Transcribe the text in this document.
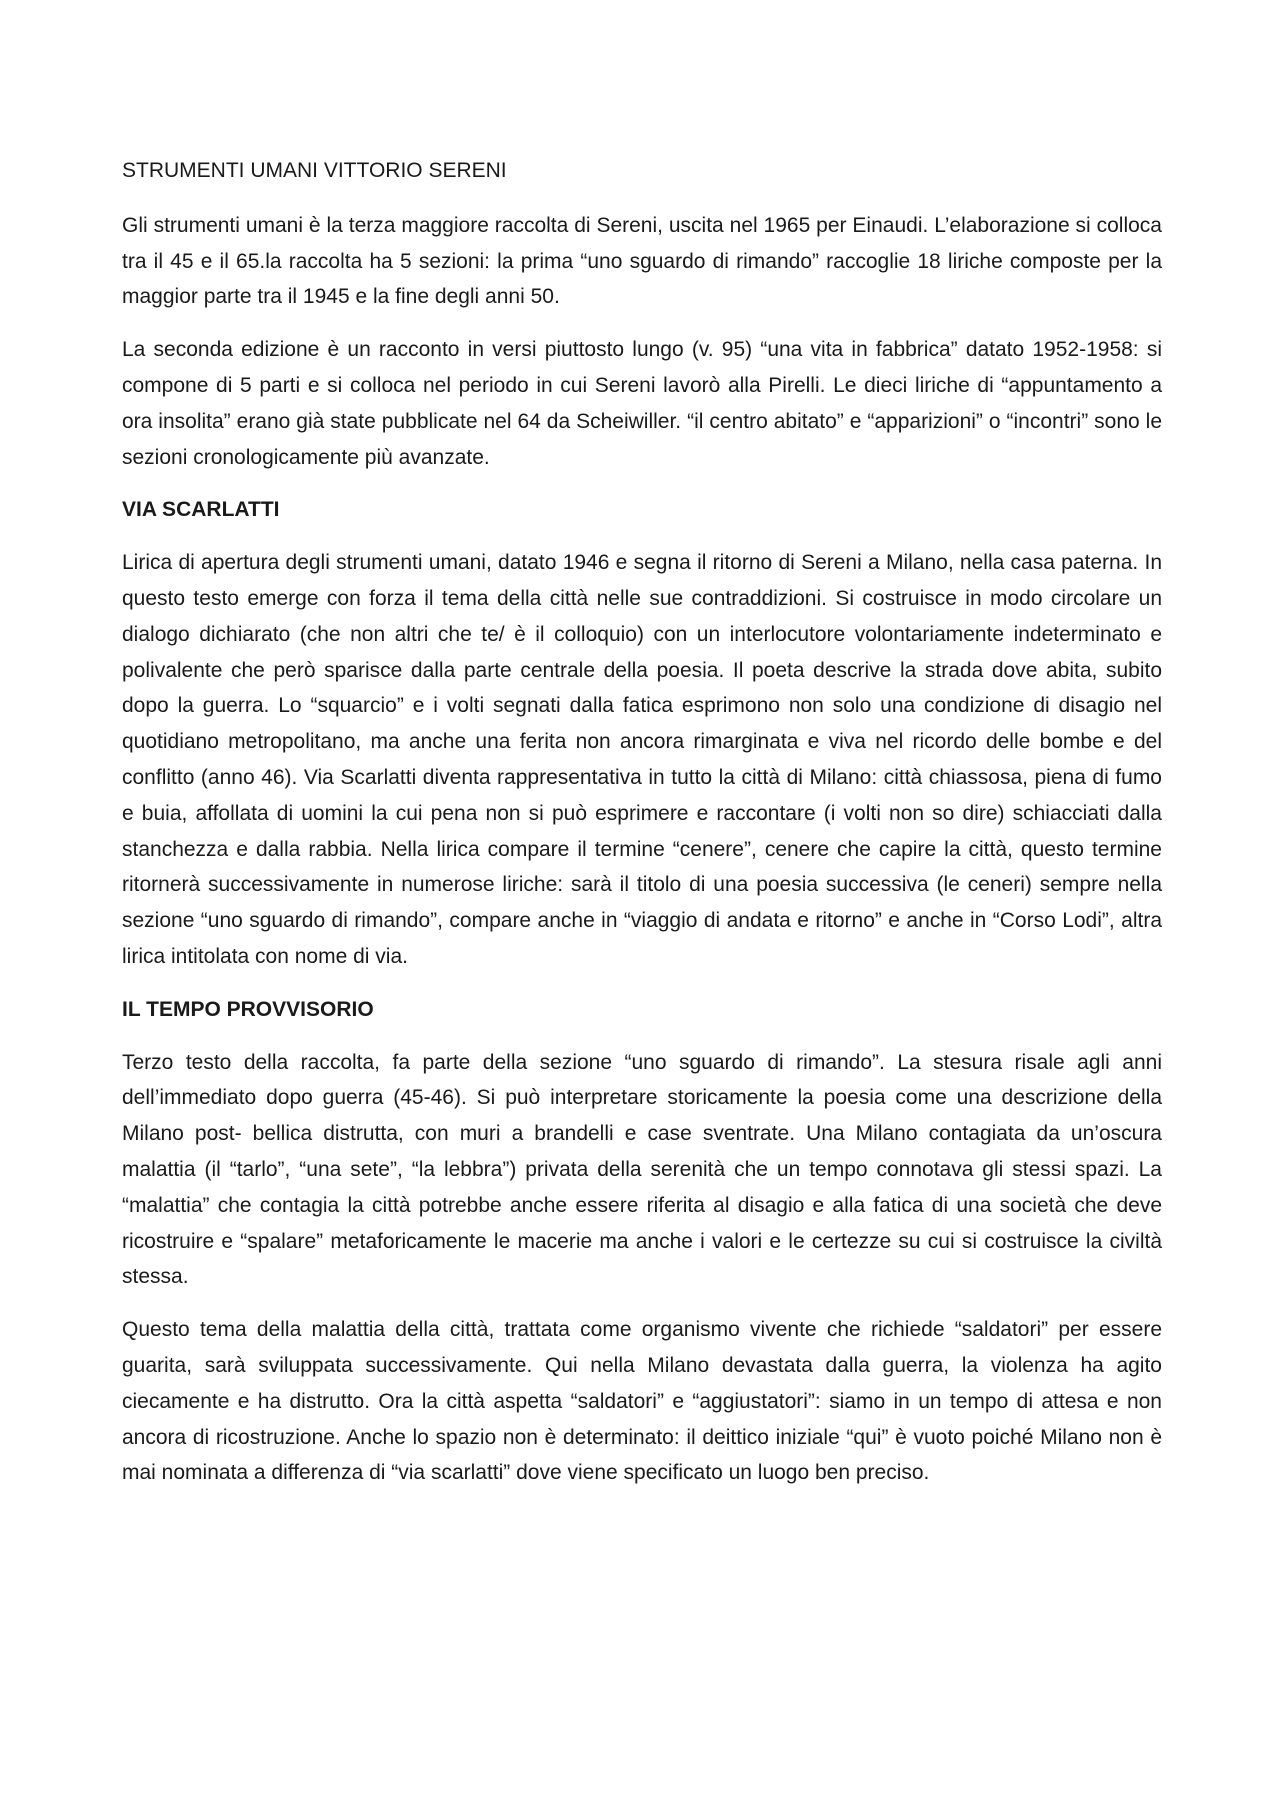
STRUMENTI UMANI VITTORIO SERENI

Gli strumenti umani è la terza maggiore raccolta di Sereni, uscita nel 1965 per Einaudi. L’elaborazione si colloca tra il 45 e il 65.la raccolta ha 5 sezioni: la prima “uno sguardo di rimando” raccoglie 18 liriche composte per la maggior parte tra il 1945 e la fine degli anni 50.

La seconda edizione è un racconto in versi piuttosto lungo (v. 95) “una vita in fabbrica” datato 1952-1958: si compone di 5 parti e si colloca nel periodo in cui Sereni lavorò alla Pirelli. Le dieci liriche di “appuntamento a ora insolita” erano già state pubblicate nel 64 da Scheiwiller. “il centro abitato” e “apparizioni” o “incontri” sono le sezioni cronologicamente più avanzate.

VIA SCARLATTI

Lirica di apertura degli strumenti umani, datato 1946 e segna il ritorno di Sereni a Milano, nella casa paterna. In questo testo emerge con forza il tema della città nelle sue contraddizioni. Si costruisce in modo circolare un dialogo dichiarato (che non altri che te/ è il colloquio) con un interlocutore volontariamente indeterminato e polivalente che però sparisce dalla parte centrale della poesia. Il poeta descrive la strada dove abita, subito dopo la guerra. Lo “squarcio” e i volti segnati dalla fatica esprimono non solo una condizione di disagio nel quotidiano metropolitano, ma anche una ferita non ancora rimarginata e viva nel ricordo delle bombe e del conflitto (anno 46). Via Scarlatti diventa rappresentativa in tutto la città di Milano: città chiassosa, piena di fumo e buia, affollata di uomini la cui pena non si può esprimere e raccontare (i volti non so dire) schiacciati dalla stanchezza e dalla rabbia. Nella lirica compare il termine “cenere”, cenere che capire la città, questo termine ritornerà successivamente in numerose liriche: sarà il titolo di una poesia successiva (le ceneri) sempre nella sezione “uno sguardo di rimando”, compare anche in “viaggio di andata e ritorno” e anche in “Corso Lodi”, altra lirica intitolata con nome di via.

IL TEMPO PROVVISORIO

Terzo testo della raccolta, fa parte della sezione “uno sguardo di rimando”. La stesura risale agli anni dell’immediato dopo guerra (45-46). Si può interpretare storicamente la poesia come una descrizione della Milano post- bellica distrutta, con muri a brandelli e case sventrate. Una Milano contagiata da un’oscura malattia (il “tarlo”, “una sete”, “la lebbra”) privata della serenità che un tempo connotava gli stessi spazi. La “malattia” che contagia la città potrebbe anche essere riferita al disagio e alla fatica di una società che deve ricostruire e “spalare” metaforicamente le macerie ma anche i valori e le certezze su cui si costruisce la civiltà stessa.

Questo tema della malattia della città, trattata come organismo vivente che richiede “saldatori” per essere guarita, sarà sviluppata successivamente. Qui nella Milano devastata dalla guerra, la violenza ha agito ciecamente e ha distrutto. Ora la città aspetta “saldatori” e “aggiustatori”: siamo in un tempo di attesa e non ancora di ricostruzione. Anche lo spazio non è determinato: il deittico iniziale “qui” è vuoto poiché Milano non è mai nominata a differenza di “via scarlatti” dove viene specificato un luogo ben preciso.
